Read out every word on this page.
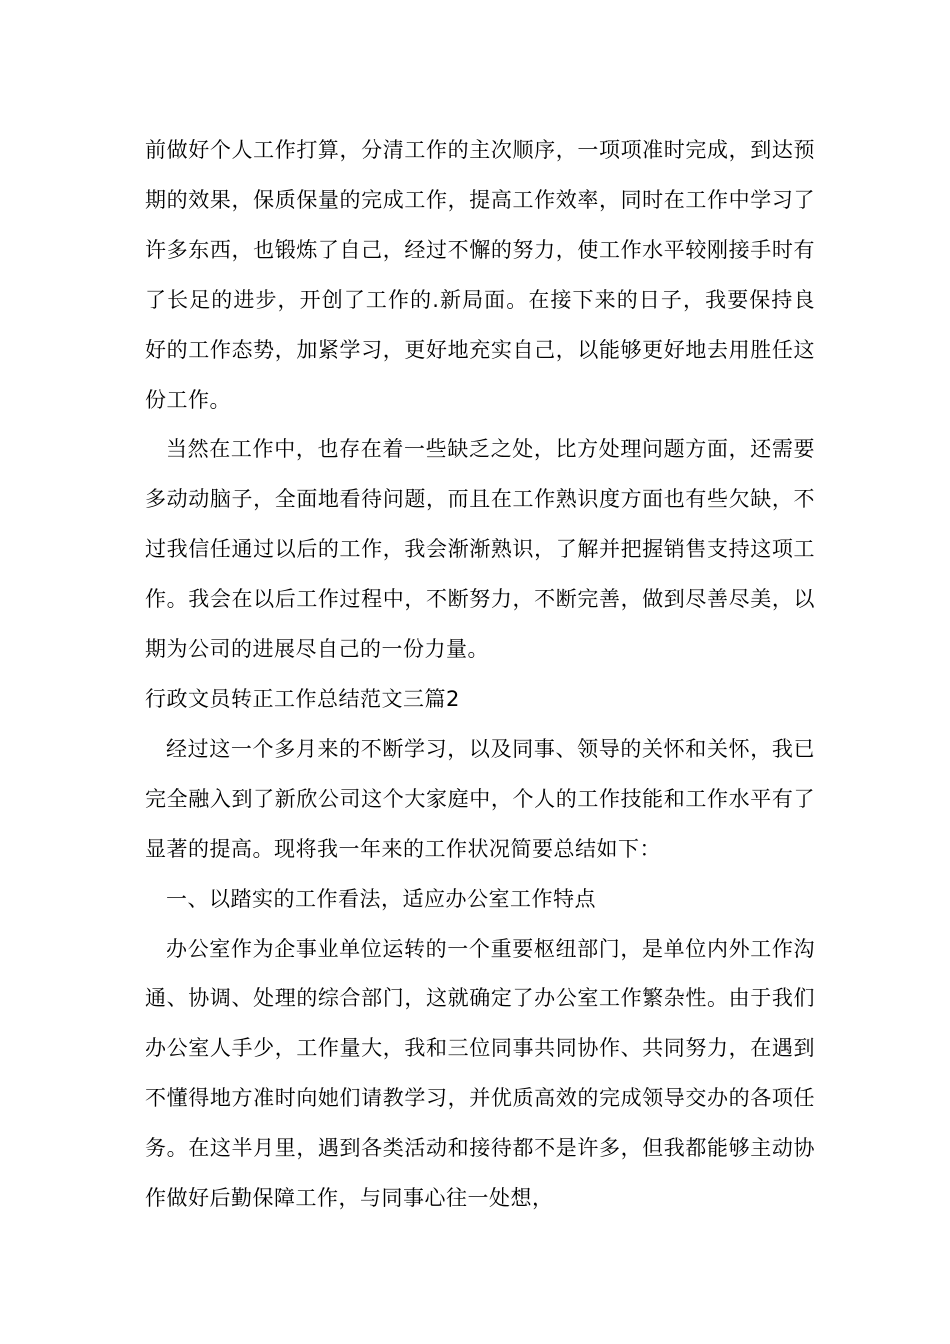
前做好个人工作打算，分清工作的主次顺序，一项项准时完成，到达预期的效果，保质保量的完成工作，提高工作效率，同时在工作中学习了许多东西，也锻炼了自己，经过不懈的努力，使工作水平较刚接手时有了长足的进步，开创了工作的.新局面。在接下来的日子，我要保持良好的工作态势，加紧学习，更好地充实自己，以能够更好地去用胜任这份工作。

当然在工作中，也存在着一些缺乏之处，比方处理问题方面，还需要多动动脑子，全面地看待问题，而且在工作熟识度方面也有些欠缺，不过我信任通过以后的工作，我会渐渐熟识，了解并把握销售支持这项工作。我会在以后工作过程中，不断努力，不断完善，做到尽善尽美，以期为公司的进展尽自己的一份力量。

行政文员转正工作总结范文三篇2

经过这一个多月来的不断学习，以及同事、领导的关怀和关怀，我已完全融入到了新欣公司这个大家庭中，个人的工作技能和工作水平有了显著的提高。现将我一年来的工作状况简要总结如下：

一、以踏实的工作看法，适应办公室工作特点

办公室作为企事业单位运转的一个重要枢纽部门，是单位内外工作沟通、协调、处理的综合部门，这就确定了办公室工作繁杂性。由于我们办公室人手少，工作量大，我和三位同事共同协作、共同努力，在遇到不懂得地方准时向她们请教学习，并优质高效的完成领导交办的各项任务。在这半月里，遇到各类活动和接待都不是许多，但我都能够主动协作做好后勤保障工作，与同事心往一处想，
